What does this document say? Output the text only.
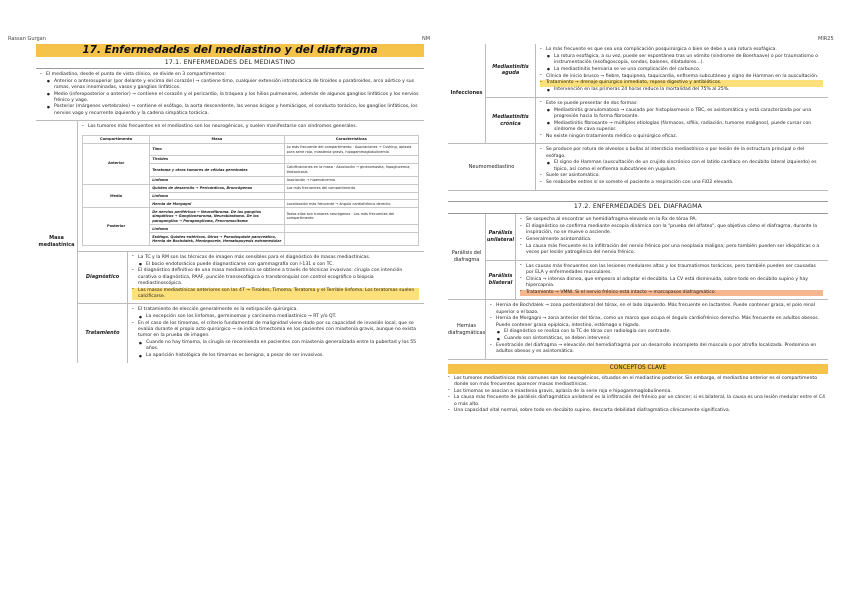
Rassan Gurgan	NM	MIR25
17. Enfermedades del mediastino y del diafragma
17.1. ENFERMEDADES DEL MEDIASTINO
· El mediastino, desde el punto de vista clínico, se divide en 3 compartimentos:
● Anterior o anterosuperior (por delante y encima del corazón) → contiene timo, cualquier extensión intratorácica de tiroides o paratiroides, arco aórtico y sus ramas, venas innominadas, vasos y ganglios linfáticos.
● Medio (inferoposterior o anterior) → contiene el corazón y el pericardio, la tráquea y los hilios pulmonares, además de algunos ganglios linfáticos y los nervios frénico y vago.
● Posterior (márgenes vertebrales) → contiene el esófago, la aorta descendente, las venas ácigos y hemiácigos, el conducto torácico, los ganglios linfáticos, los nervios vago y recurrente izquierdo y la cadena simpática torácica.
Masa mediastínica
· Los tumores más frecuentes en el mediastino son los neurogénicos, y suelen manifestarse con síndromes generales.
Compartimento	Masa	Características
Anterior	Timo	Lo más frecuente del compartimento · Asociaciones → Cushing, aplasia pura serie roja, miastenia gravis, hipogammaglobulinemia
	Tiroides	
	Teratoma y otros tumores de células germinales	Calcificaciones en la masa · Asociación → ginecomastia, hipoglucemia, tirotoxicosis
	Linfoma	Asociación → hipercalcemia
Medio	Quistes de desarrollo → Pericárdicos, Broncógenos	Los más frecuentes del compartimento
	Linfoma	
	Hernia de Morgagni	Localización más frecuente → ángulo cardiofrénico derecho
Posterior	De nervios periféricos → Neurofibroma. De los ganglios simpáticos → Ganglioneuroma, Neuroblastoma. De los paraganglios → Paraganglioma, Feocromocitoma	Todos ellos son tumores neurógenos · Los más frecuentes del compartimento
	Linfoma	
	Esófago. Quistes entéricos. Otros → Pseudoquiste pancreático, Hernia de Bochdalek, Meningocele, Hematopoyesis extramedular	
Diagnóstico
· La TC y la RM son las técnicas de imagen más sensibles para el diagnóstico de masas mediastínicas.
● El bocio endotorácico puede diagnosticarse con gammagrafía con I-131 o con TC.
· El diagnóstico definitivo de una masa mediastínica se obtiene a través de técnicas invasivas: cirugía con intención curativa o diagnóstica, PAAF, punción transesofágica o transbronquial con control ecográfico o biopsia mediastinoscópica.
· Las masas mediastínicas anteriores son las 4T → Tiroides, Timoma, Teratoma y el Terrible linfoma. Los teratomas suelen calcificarse.
Tratamiento
· El tratamiento de elección generalmente es la extirpación quirúrgica.
● La excepción son los linfomas, germinomas y carcinoma mediastínico → RT y/o QT.
· En el caso de los timomas, el criterio fundamental de malignidad viene dado por su capacidad de invasión local, que se evalúa durante el propio acto quirúrgico → se indica timectomía en los pacientes con miastenia gravis, aunque no exista tumor en la prueba de imagen.
● Cuando no hay timoma, la cirugía se recomienda en pacientes con miastenia generalizada entre la pubertad y los 55 años.
● La aparición histológica de los timomas es benigna, a pesar de ser invasivos.
Infecciones
Mediastinitis aguda
· Lo más frecuente es que sea una complicación posquirúrgica o bien se debe a una rotura esofágica.
● La rotura esofágica, a su vez, puede ser espontánea tras un vómito (síndrome de Boerhaave) o por traumatismo o instrumentación (esofagoscopia, sondas, balones, dilatadores...).
● La mediastinitis herniaria se ve una complicación del carbunco.
· Clínica de inicio brusco → fiebre, taquipnea, taquicardia, enfisema subcutáneo y signo de Hamman en la auscultación.
· Tratamiento → drenaje quirúrgico inmediato, reposo digestivo y antibióticos.
● Intervención en las primeras 24 horas reduce la mortalidad del 75% al 25%.
Mediastinitis crónica
· Este se puede presentar de dos formas:
● Mediastinitis granulomatosa → causada por histoplasmosis o TBC, es asintomática y está caracterizada por una progresión hacia la forma fibrosante.
● Mediastinitis fibrosante → múltiples etiologías (fármacos, sífilis, radiación, tumores malignos), puede cursar con síndrome de cava superior.
· No existe ningún tratamiento médico o quirúrgico eficaz.
Neumomediastino
· Se produce por rotura de alveolos o bullas al intersticio mediastínico o por lesión de la estructura principal o del esófago.
● El signo de Hamman (auscultación de un crujido sincrónico con el latido cardíaco en decúbito lateral izquierdo) es típico, así como el enfisema subcutáneo en yugulum.
· Suele ser asintomático.
· Se reabsorbe entres sí se somete el paciente a respiración con una FiO2 elevada.
17.2. ENFERMEDADES DEL DIAFRAGMA
Parálisis del diafragma
Parálisis unilateral
· Se sospecha al encontrar un hemidiafragma elevado en la Rx de tórax PA.
· El diagnóstico se confirma mediante escopia dinámica con la "prueba del olfateo", que objetiva cómo el diafragma, durante la inspiración, no se mueve o asciende.
· Generalmente asintomática.
· La causa más frecuente es la infiltración del nervio frénico por una neoplasia maligna; pero también pueden ser idiopáticas o a veces por lesión yatrogénica del nervio frénico.
Parálisis bilateral
· Las causas más frecuentes son las lesiones medulares altas y los traumatismos torácicos, pero también pueden ser causadas por ELA y enfermedades musculares.
· Clínica → intensa disnea, que empeora al adoptar el decúbito. La CV está disminuida, sobre todo en decúbito supino y hay hipercapnia.
· Tratamiento → VMNI. Si el nervio frénico está intacto → marcapasos diafragmático.
Hernias diafragmáticas
· Hernia de Bochdalek → zona posterolateral del tórax, en el lado izquierdo. Más frecuente en lactantes. Puede contener grasa, el polo renal superior o el bazo.
· Hernia de Morgagni → zona anterior del tórax, como un marco que ocupa el ángulo cardiofrénico derecho. Más frecuente en adultos obesos. Puede contener grasa epiploica, intestino, estómago o hígado.
● El diagnóstico se realiza con la TC de tórax con radiología con contraste.
● Cuando son sintomáticas, se deben intervenir.
· Eventración del diafragma → elevación del hemidiafragma por un desarrollo incompleto del músculo o por atrofia localizada. Predomina en adultos obesos y es asintomática.
CONCEPTOS CLAVE
· Los tumores mediastínicos más comunes son los neurogénicos, situados en el mediastino posterior. Sin embargo, el mediastino anterior es el compartimento donde son más frecuentes aparecer masas mediastínicas.
· Los timomas se asocian a miastenia gravis, aplasia de la serie roja e hipogammaglobulinemia.
· La causa más frecuente de parálisis diafragmática unilateral es la infiltración del frénico por un cáncer; si es bilateral, la causa es una lesión medular entre el C4 o más alto.
· Una capacidad vital normal, sobre todo en decúbito supino, descarta debilidad diafragmática clínicamente significativa.
